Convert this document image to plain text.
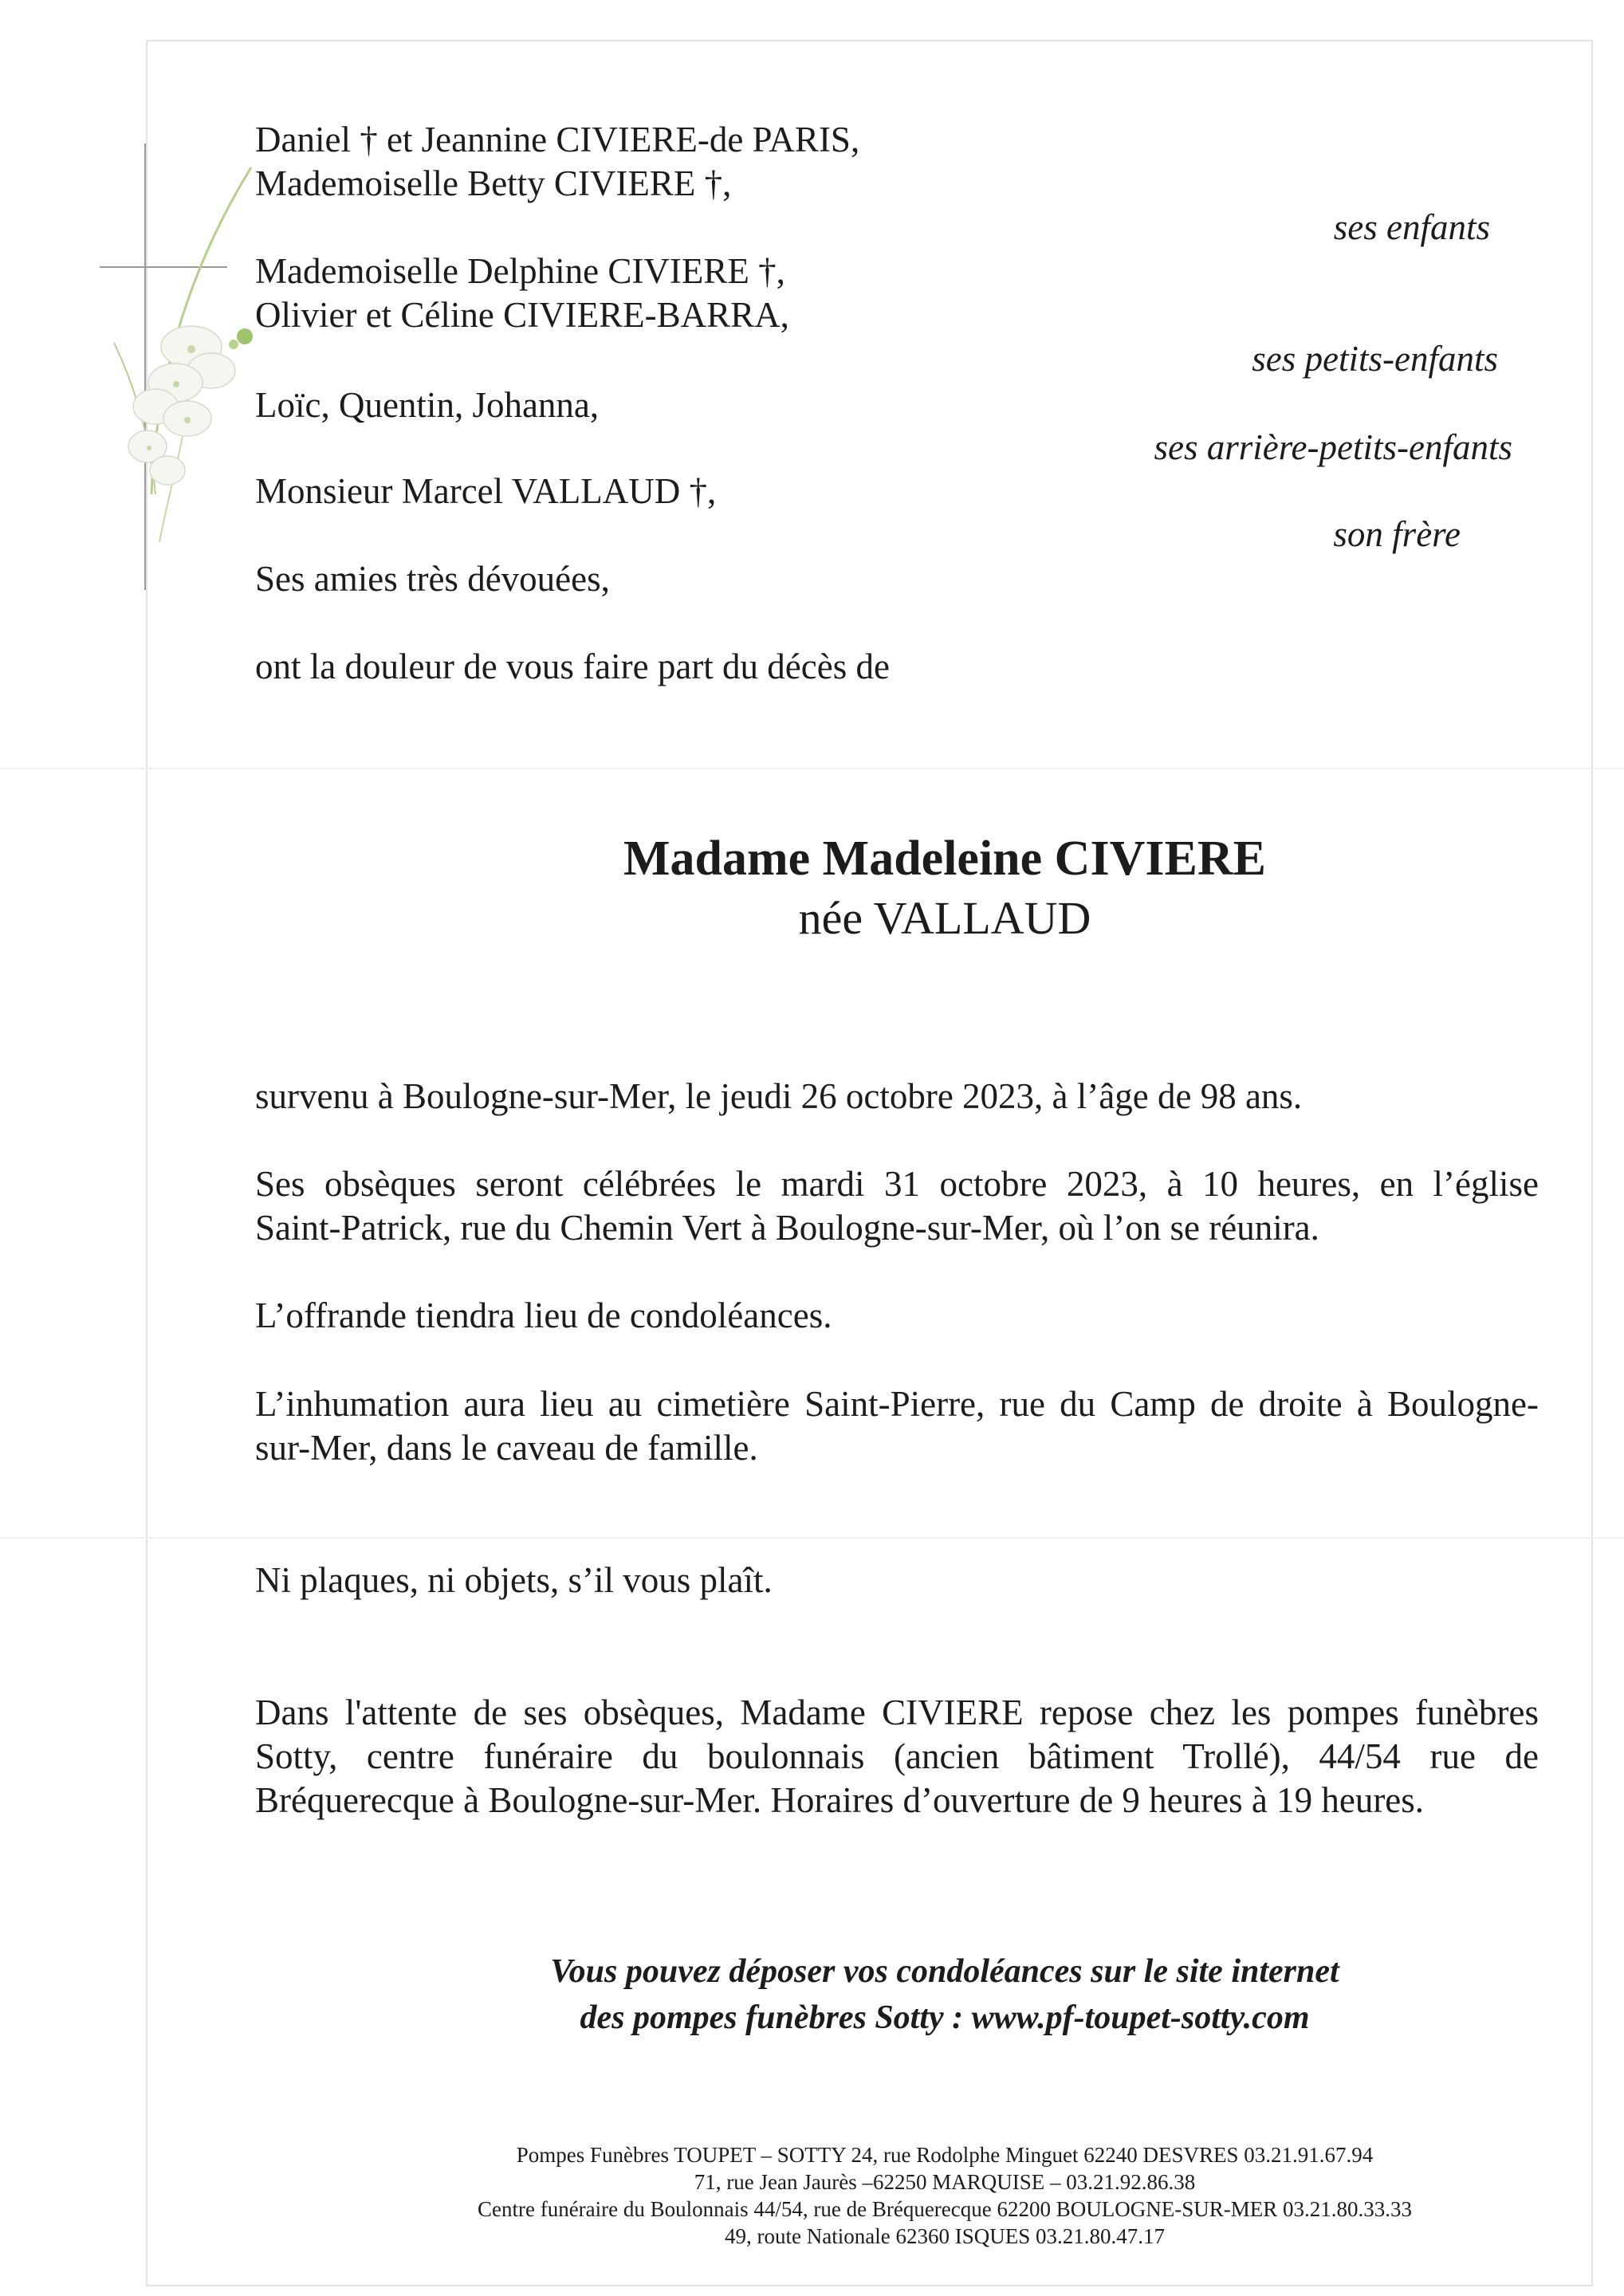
Daniel † et Jeannine CIVIERE-de PARIS,

Mademoiselle Betty CIVIERE †,

ses enfants

Mademoiselle Delphine CIVIERE †,

Olivier et Céline CIVIERE-BARRA,

ses petits-enfants

Loïc, Quentin, Johanna,

ses arrière-petits-enfants

Monsieur Marcel VALLAUD †,

son frère

Ses amies très dévouées,

ont la douleur de vous faire part du décès de

Madame Madeleine CIVIERE

née VALLAUD

survenu à Boulogne-sur-Mer, le jeudi 26 octobre 2023, à l’âge de 98 ans.

Ses obsèques seront célébrées le mardi 31 octobre 2023, à 10 heures, en l’église

Saint-Patrick, rue du Chemin Vert à Boulogne-sur-Mer, où l’on se réunira.

L’offrande tiendra lieu de condoléances.

L’inhumation aura lieu au cimetière Saint-Pierre, rue du Camp de droite à Boulogne-

sur-Mer, dans le caveau de famille.

Ni plaques, ni objets, s’il vous plaît.

Dans l'attente de ses obsèques, Madame CIVIERE repose chez les pompes funèbres

Sotty, centre funéraire du boulonnais (ancien bâtiment Trollé), 44/54 rue de

Bréquerecque à Boulogne-sur-Mer. Horaires d’ouverture de 9 heures à 19 heures.

Vous pouvez déposer vos condoléances sur le site internet

des pompes funèbres Sotty : www.pf-toupet-sotty.com

Pompes Funèbres TOUPET – SOTTY 24, rue Rodolphe Minguet 62240 DESVRES 03.21.91.67.94

71, rue Jean Jaurès –62250 MARQUISE – 03.21.92.86.38

Centre funéraire du Boulonnais 44/54, rue de Bréquerecque 62200 BOULOGNE-SUR-MER 03.21.80.33.33

49, route Nationale 62360 ISQUES 03.21.80.47.17
